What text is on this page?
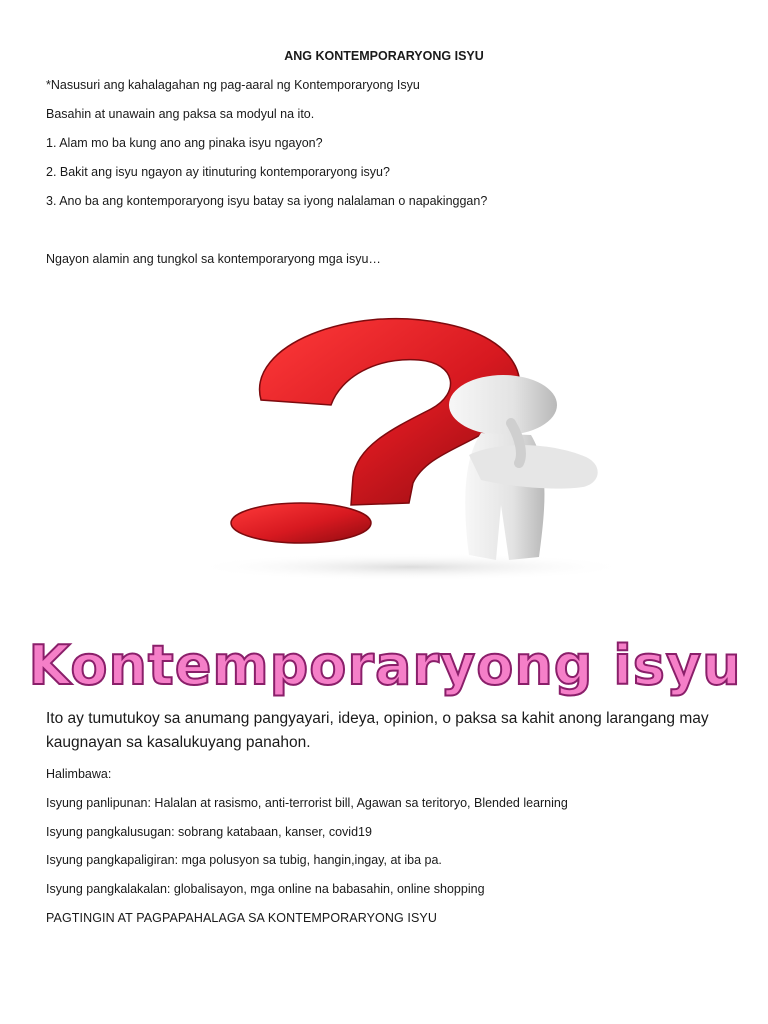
ANG KONTEMPORARYONG ISYU
*Nasusuri ang kahalagahan ng pag-aaral ng Kontemporaryong Isyu
Basahin at unawain ang paksa sa modyul na ito.
1. Alam mo ba kung ano ang pinaka isyu ngayon?
2. Bakit ang isyu ngayon ay itinuturing kontemporaryong isyu?
3. Ano ba ang kontemporaryong isyu batay sa iyong nalalaman o napakinggan?
Ngayon alamin ang tungkol sa kontemporaryong mga isyu…
Kontemporaryong isyu
Ito ay tumutukoy sa anumang pangyayari, ideya, opinion, o paksa sa kahit anong larangang may kaugnayan sa kasalukuyang panahon.
Halimbawa:
Isyung panlipunan: Halalan at rasismo, anti-terrorist bill, Agawan sa teritoryo, Blended learning
Isyung pangkalusugan: sobrang katabaan, kanser, covid19
Isyung pangkapaligiran: mga polusyon sa tubig, hangin,ingay, at iba pa.
Isyung pangkalakalan: globalisayon, mga online na babasahin, online shopping
PAGTINGIN AT PAGPAPAHALAGA SA KONTEMPORARYONG ISYU
